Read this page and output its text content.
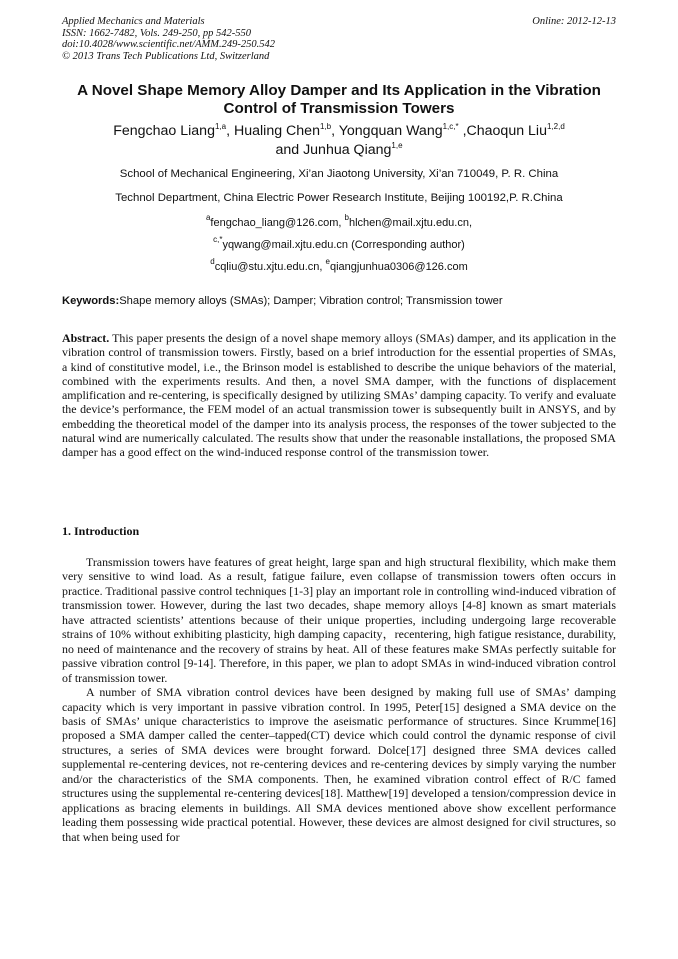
Applied Mechanics and Materials
ISSN: 1662-7482, Vols. 249-250, pp 542-550
doi:10.4028/www.scientific.net/AMM.249-250.542
© 2013 Trans Tech Publications Ltd, Switzerland
Online: 2012-12-13
A Novel Shape Memory Alloy Damper and Its Application in the Vibration Control of Transmission Towers
Fengchao Liang$^{1,a}$, Hualing Chen$^{1,b}$, Yongquan Wang$^{1,c,*}$ ,Chaoqun Liu$^{1,2,d}$
and Junhua Qiang$^{1,e}$
School of Mechanical Engineering, Xi’an Jiaotong University, Xi’an 710049, P. R. China
Technol Department, China Electric Power Research Institute, Beijing 100192,P. R.China
$^a$fengchao_liang@126.com, $^b$hlchen@mail.xjtu.edu.cn,
$^{c,*}$yqwang@mail.xjtu.edu.cn (Corresponding author)
$^d$cqliu@stu.xjtu.edu.cn, $^e$qiangjunhua0306@126.com
Keywords:Shape memory alloys (SMAs); Damper; Vibration control; Transmission tower
Abstract. This paper presents the design of a novel shape memory alloys (SMAs) damper, and its application in the vibration control of transmission towers. Firstly, based on a brief introduction for the essential properties of SMAs, a kind of constitutive model, i.e., the Brinson model is established to describe the unique behaviors of the material, combined with the experiments results. And then, a novel SMA damper, with the functions of displacement amplification and re-centering, is specifically designed by utilizing SMAs’ damping capacity. To verify and evaluate the device’s performance, the FEM model of an actual transmission tower is subsequently built in ANSYS, and by embedding the theoretical model of the damper into its analysis process, the responses of the tower subjected to the natural wind are numerically calculated. The results show that under the reasonable installations, the proposed SMA damper has a good effect on the wind-induced response control of the transmission tower.
1. Introduction

Transmission towers have features of great height, large span and high structural flexibility, which make them very sensitive to wind load. As a result, fatigue failure, even collapse of transmission towers often occurs in practice. Traditional passive control techniques [1-3] play an important role in controlling wind-induced vibration of transmission tower. However, during the last two decades, shape memory alloys [4-8] known as smart materials have attracted scientists’ attentions because of their unique properties, including undergoing large recoverable strains of 10% without exhibiting plasticity, high damping capacity，recentering, high fatigue resistance, durability, no need of maintenance and the recovery of strains by heat. All of these features make SMAs perfectly suitable for passive vibration control [9-14]. Therefore, in this paper, we plan to adopt SMAs in wind-induced vibration control of transmission tower.

A number of SMA vibration control devices have been designed by making full use of SMAs’ damping capacity which is very important in passive vibration control. In 1995, Peter[15] designed a SMA device on the basis of SMAs’ unique characteristics to improve the aseismatic performance of structures. Since Krumme[16] proposed a SMA damper called the center–tapped(CT) device which could control the dynamic response of civil structures, a series of SMA devices were brought forward. Dolce[17] designed three SMA devices called supplemental re-centering devices, not re-centering devices and re-centering devices by simply varying the number and/or the characteristics of the SMA components. Then, he examined vibration control effect of R/C famed structures using the supplemental re-centering devices[18]. Matthew[19] developed a tension/compression device in applications as bracing elements in buildings. All SMA devices mentioned above show excellent performance leading them possessing wide practical potential. However, these devices are almost designed for civil structures, so that when being used for
